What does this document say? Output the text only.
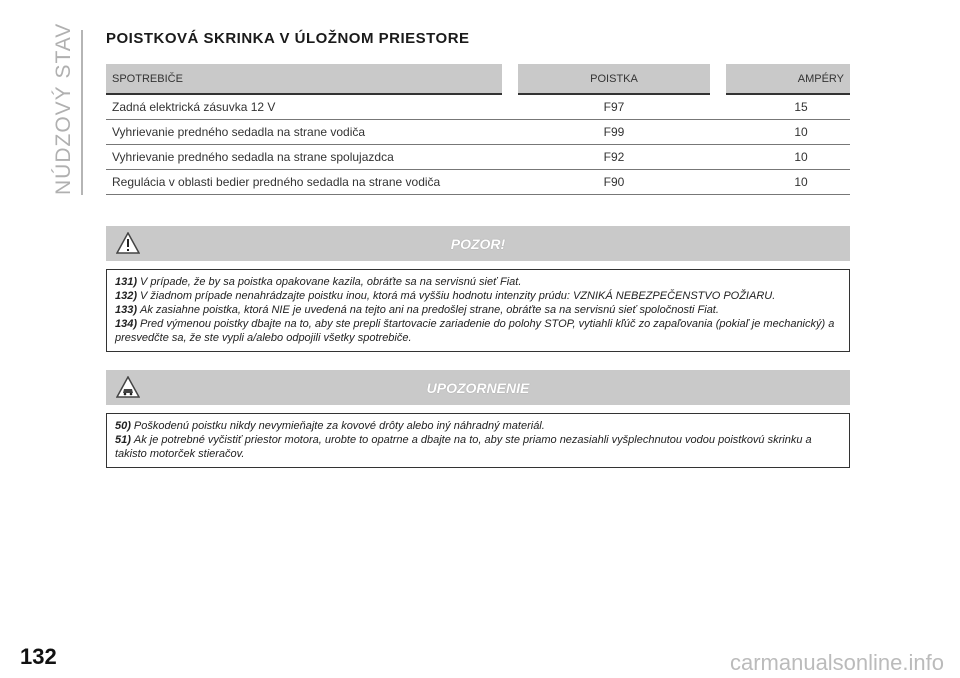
NÚDZOVÝ STAV POISTKOVÁ SKRINKA V ÚLOŽNOM PRIESTORE
SPOTREBIČE	POISTKA	AMPÉRY
Zadná elektrická zásuvka 12 V	F97	15
Vyhrievanie predného sedadla na strane vodiča	F99	10
Vyhrievanie predného sedadla na strane spolujazdca	F92	10
Regulácia v oblasti bedier predného sedadla na strane vodiča	F90	10
POZOR!

131) V prípade, že by sa poistka opakovane kazila, obráťte sa na servisnú sieť Fiat.

132) V žiadnom prípade nenahrádzajte poistku inou, ktorá má vyššiu hodnotu intenzity prúdu: VZNIKÁ NEBEZPEČENSTVO POŽIARU.

133) Ak zasiahne poistka, ktorá NIE je uvedená na tejto ani na predošlej strane, obráťte sa na servisnú sieť spoločnosti Fiat.

134) Pred výmenou poistky dbajte na to, aby ste prepli štartovacie zariadenie do polohy STOP, vytiahli kľúč zo zapaľovania (pokiaľ je mechanický) a presvedčte sa, že ste vypli a/alebo odpojili všetky spotrebiče.

UPOZORNENIE

50) Poškodenú poistku nikdy nevymieňajte za kovové drôty alebo iný náhradný materiál.

51) Ak je potrebné vyčistiť priestor motora, urobte to opatrne a dbajte na to, aby ste priamo nezasiahli vyšplechnutou vodou poistkovú skrinku a takisto motorček stieračov.

132	carmanualsonline.info
